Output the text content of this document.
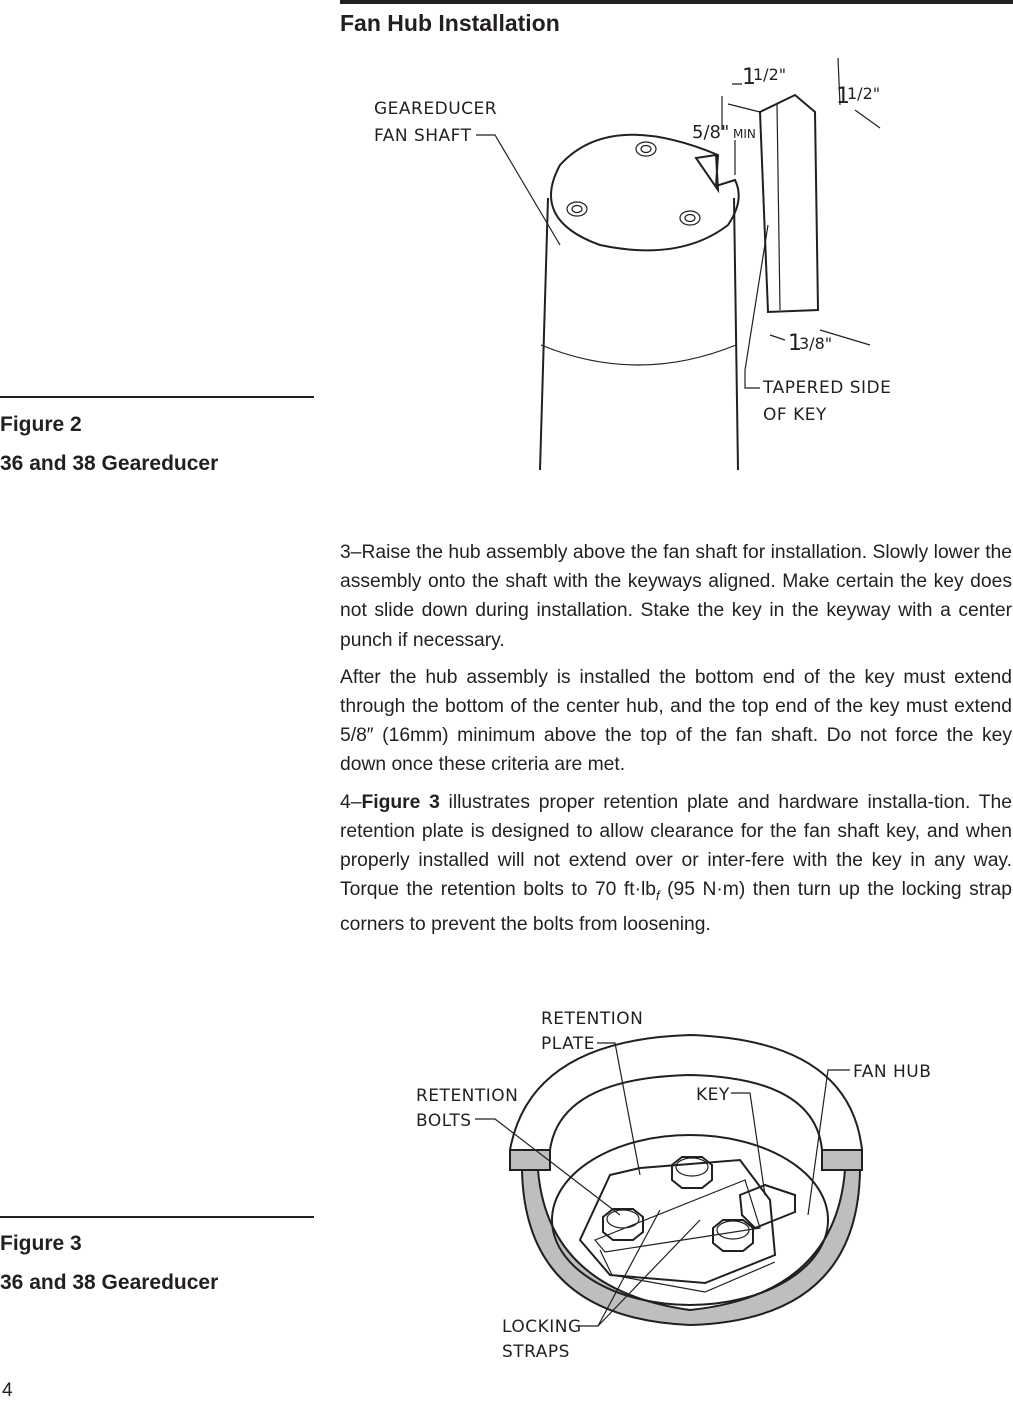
Fan Hub Installation
Figure 2
36 and 38 Geareducer
1
1/2"
1
1/2"
5/8" MIN
1
3/8"
GEAREDUCER
FAN SHAFT
TAPERED SIDE
OF KEY

3–Raise the hub assembly above the fan shaft for installation. Slowly lower the assembly onto the shaft with the keyways aligned. Make certain the key does not slide down during installation. Stake the key in the keyway with a center punch if necessary.

After the hub assembly is installed the bottom end of the key must extend through the bottom of the center hub, and the top end of the key must extend 5/8″ (16mm) minimum above the top of the fan shaft. Do not force the key down once these criteria are met.

4–Figure 3 illustrates proper retention plate and hardware installa-tion. The retention plate is designed to allow clearance for the fan shaft key, and when properly installed will not extend over or inter-fere with the key in any way. Torque the retention bolts to 70 $ft\cdot lb_f$ (95 N·m) then turn up the locking strap corners to prevent the bolts from loosening.

Figure 3
36 and 38 Geareducer
RETENTION
PLATE
FAN HUB
RETENTION
BOLTS
KEY
LOCKING
STRAPS
4
